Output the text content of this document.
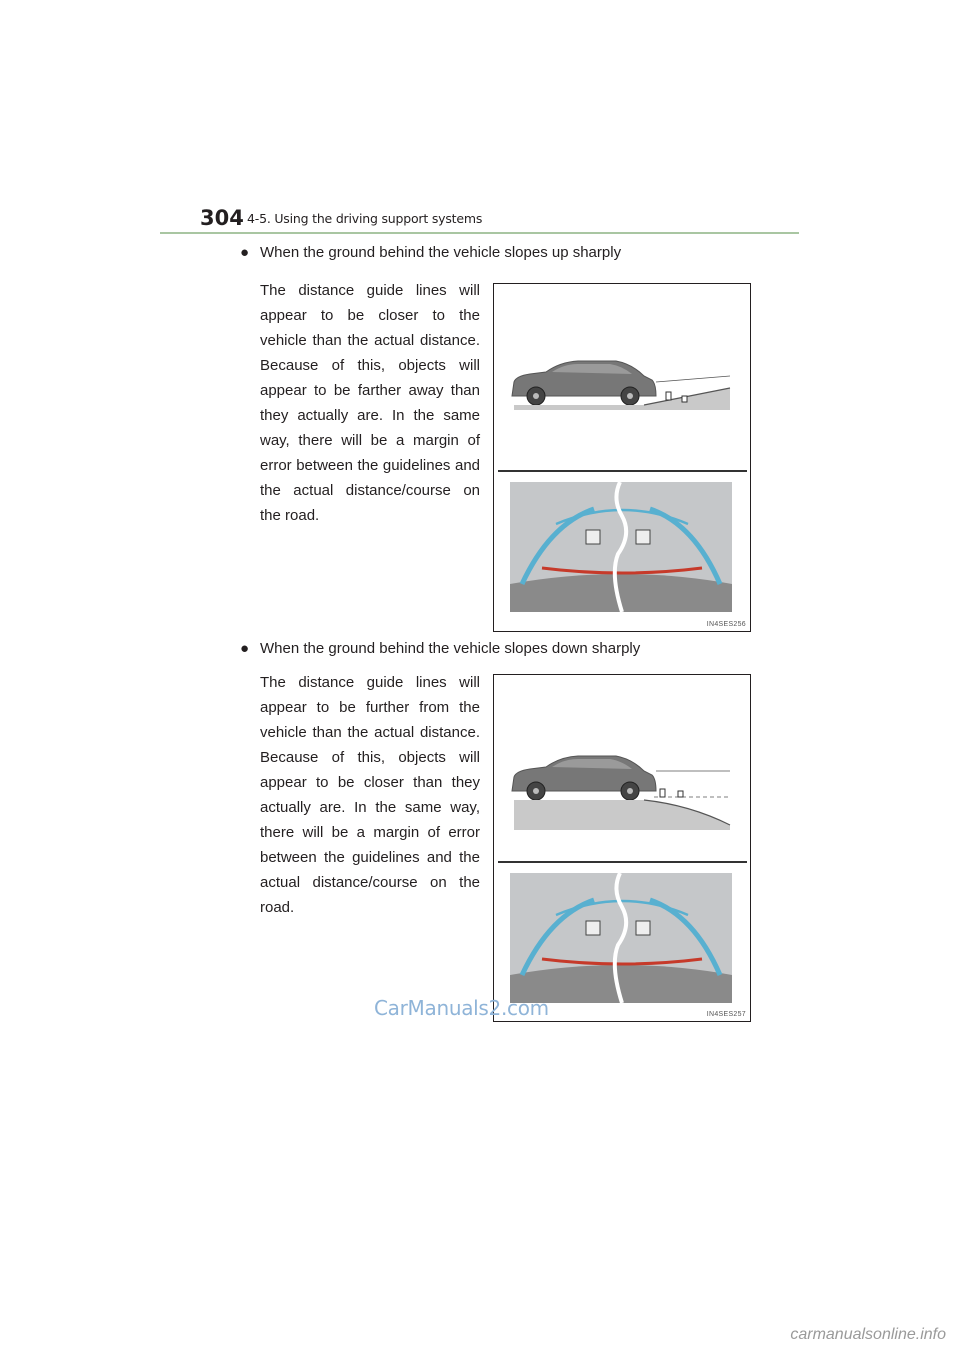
304 4-5. Using the driving support systems
● When the ground behind the vehicle slopes up sharply
The distance guide lines will appear to be closer to the vehicle than the actual distance. Because of this, objects will appear to be farther away than they actually are. In the same way, there will be a margin of error between the guidelines and the actual distance/course on the road.
IN4SES256
● When the ground behind the vehicle slopes down sharply
The distance guide lines will appear to be further from the vehicle than the actual distance. Because of this, objects will appear to be closer than they actually are. In the same way, there will be a margin of error between the guidelines and the actual distance/course on the road.
IN4SES257
CarManuals2.com
carmanualsonline.info
